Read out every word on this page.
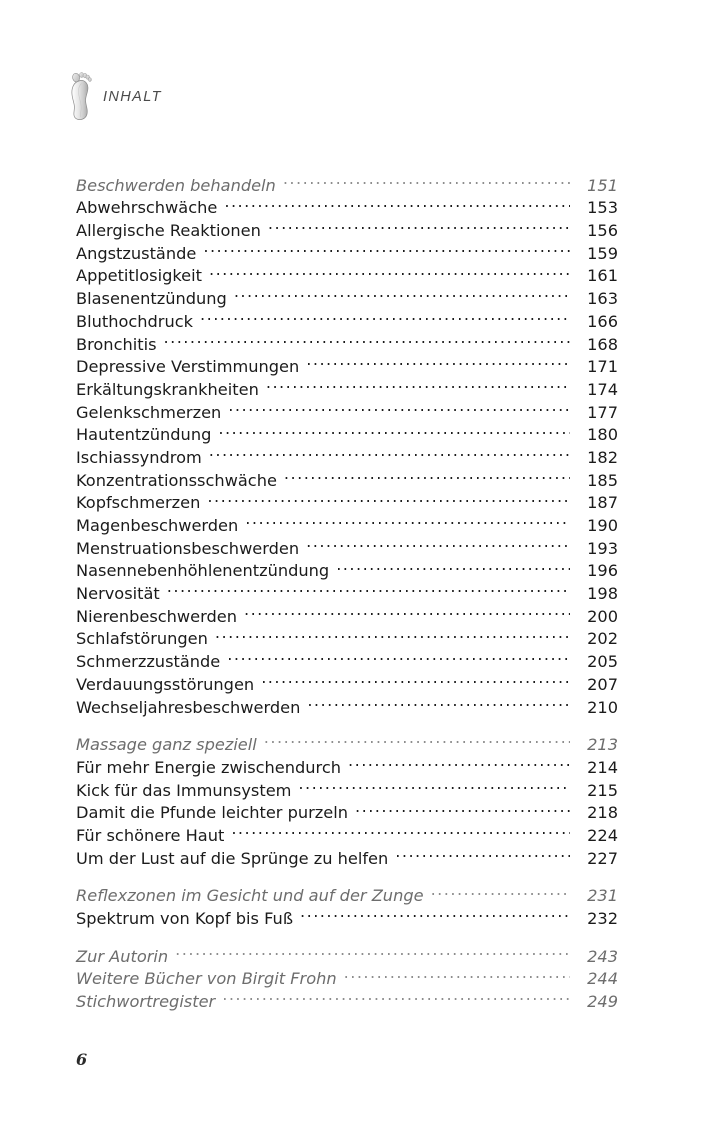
INHALT
Beschwerden behandeln .....	151
Abwehrschwäche .....	153
Allergische Reaktionen .....	156
Angstzustände .....	159
Appetitlosigkeit .....	161
Blasenentzündung .....	163
Bluthochdruck .....	166
Bronchitis .....	168
Depressive Verstimmungen .....	171
Erkältungskrankheiten .....	174
Gelenkschmerzen .....	177
Hautentzündung .....	180
Ischiassyndrom .....	182
Konzentrationsschwäche .....	185
Kopfschmerzen .....	187
Magenbeschwerden .....	190
Menstruationsbeschwerden .....	193
Nasennebenhöhlenentzündung .....	196
Nervosität .....	198
Nierenbeschwerden .....	200
Schlafstörungen .....	202
Schmerzzustände .....	205
Verdauungsstörungen .....	207
Wechseljahresbeschwerden .....	210
Massage ganz speziell .....	213
Für mehr Energie zwischendurch .....	214
Kick für das Immunsystem .....	215
Damit die Pfunde leichter purzeln .....	218
Für schönere Haut .....	224
Um der Lust auf die Sprünge zu helfen .....	227
Reflexzonen im Gesicht und auf der Zunge .....	231
Spektrum von Kopf bis Fuß .....	232
Zur Autorin .....	243
Weitere Bücher von Birgit Frohn .....	244
Stichwortregister .....	249
6
